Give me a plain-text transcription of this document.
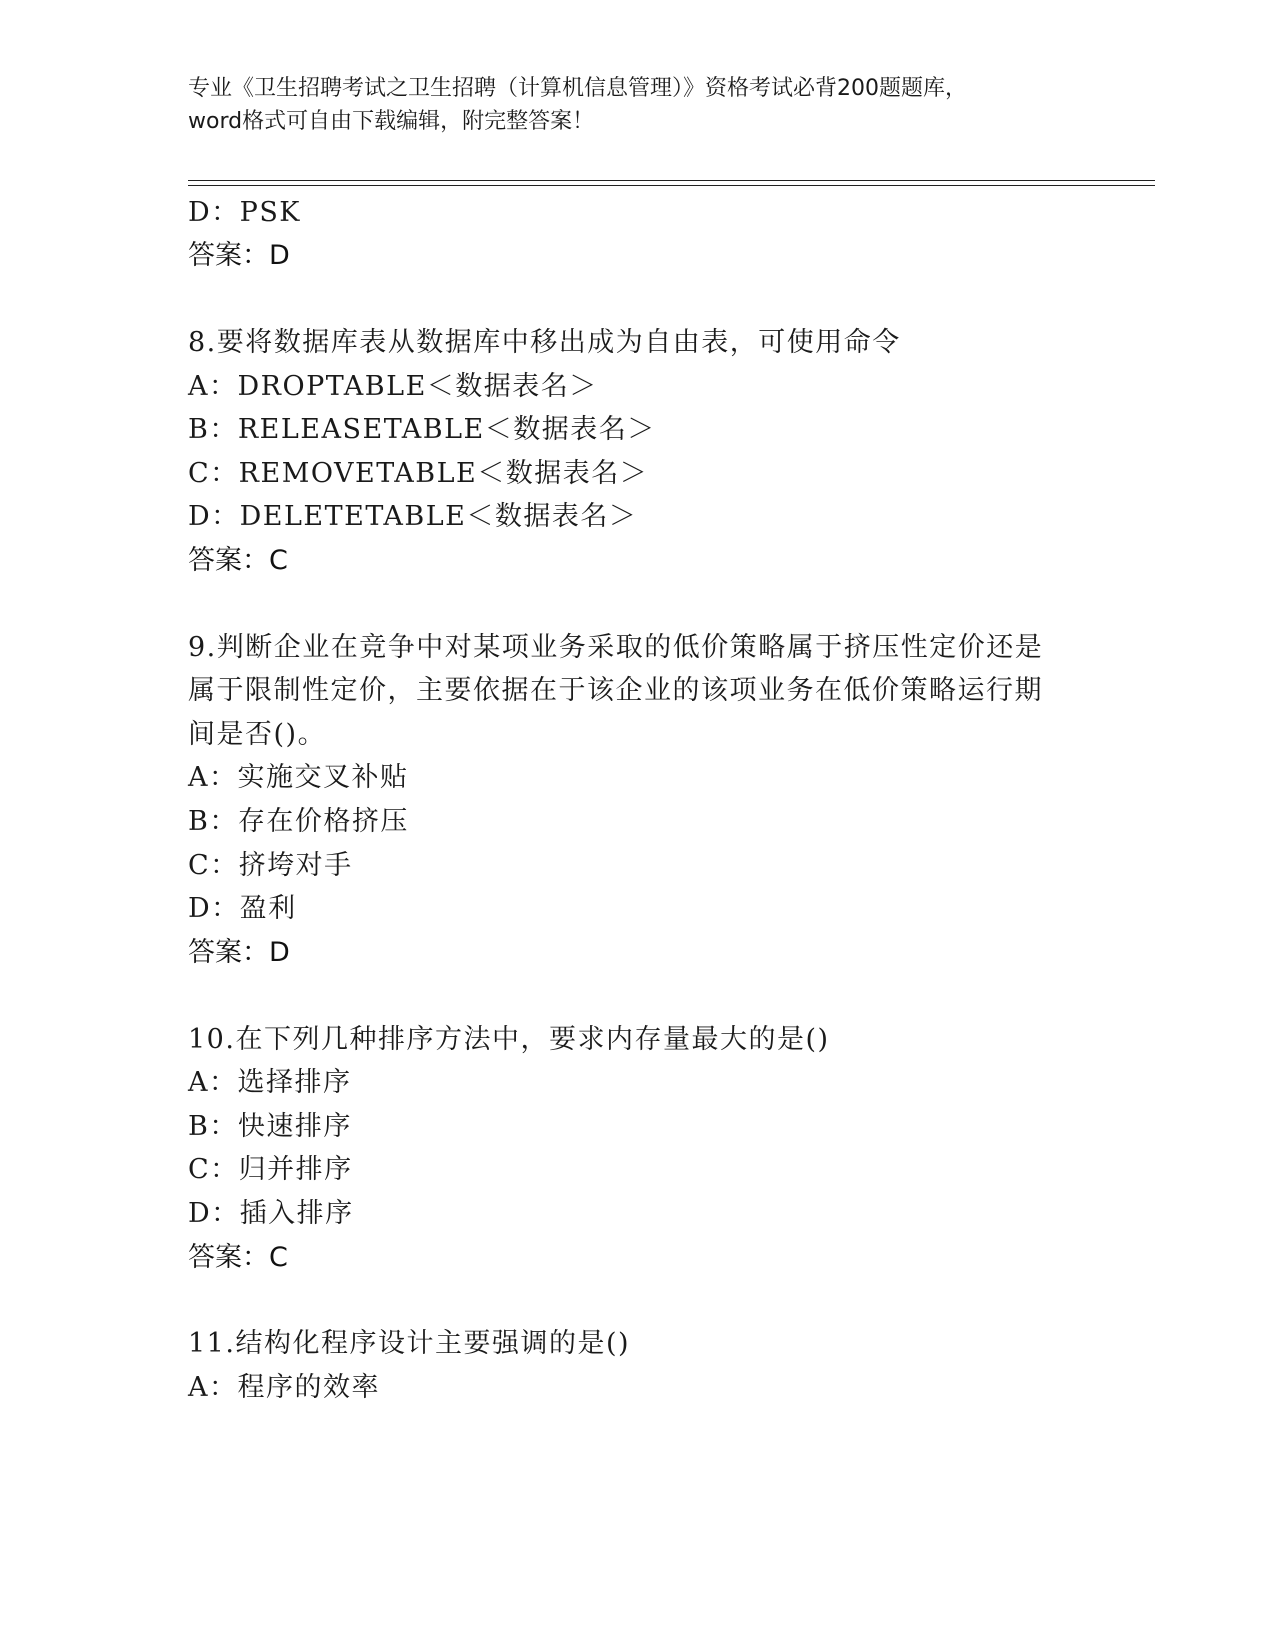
专业《卫生招聘考试之卫生招聘（计算机信息管理）》资格考试必背200题题库，
word格式可自由下载编辑，附完整答案！
D：PSK
答案：D
8.要将数据库表从数据库中移出成为自由表，可使用命令
A：DROPTABLE＜数据表名＞
B：RELEASETABLE＜数据表名＞
C：REMOVETABLE＜数据表名＞
D：DELETETABLE＜数据表名＞
答案：C
9.判断企业在竞争中对某项业务采取的低价策略属于挤压性定价还是
属于限制性定价，主要依据在于该企业的该项业务在低价策略运行期
间是否()。
A：实施交叉补贴
B：存在价格挤压
C：挤垮对手
D：盈利
答案：D
10.在下列几种排序方法中，要求内存量最大的是()
A：选择排序
B：快速排序
C：归并排序
D：插入排序
答案：C
11.结构化程序设计主要强调的是()
A：程序的效率
